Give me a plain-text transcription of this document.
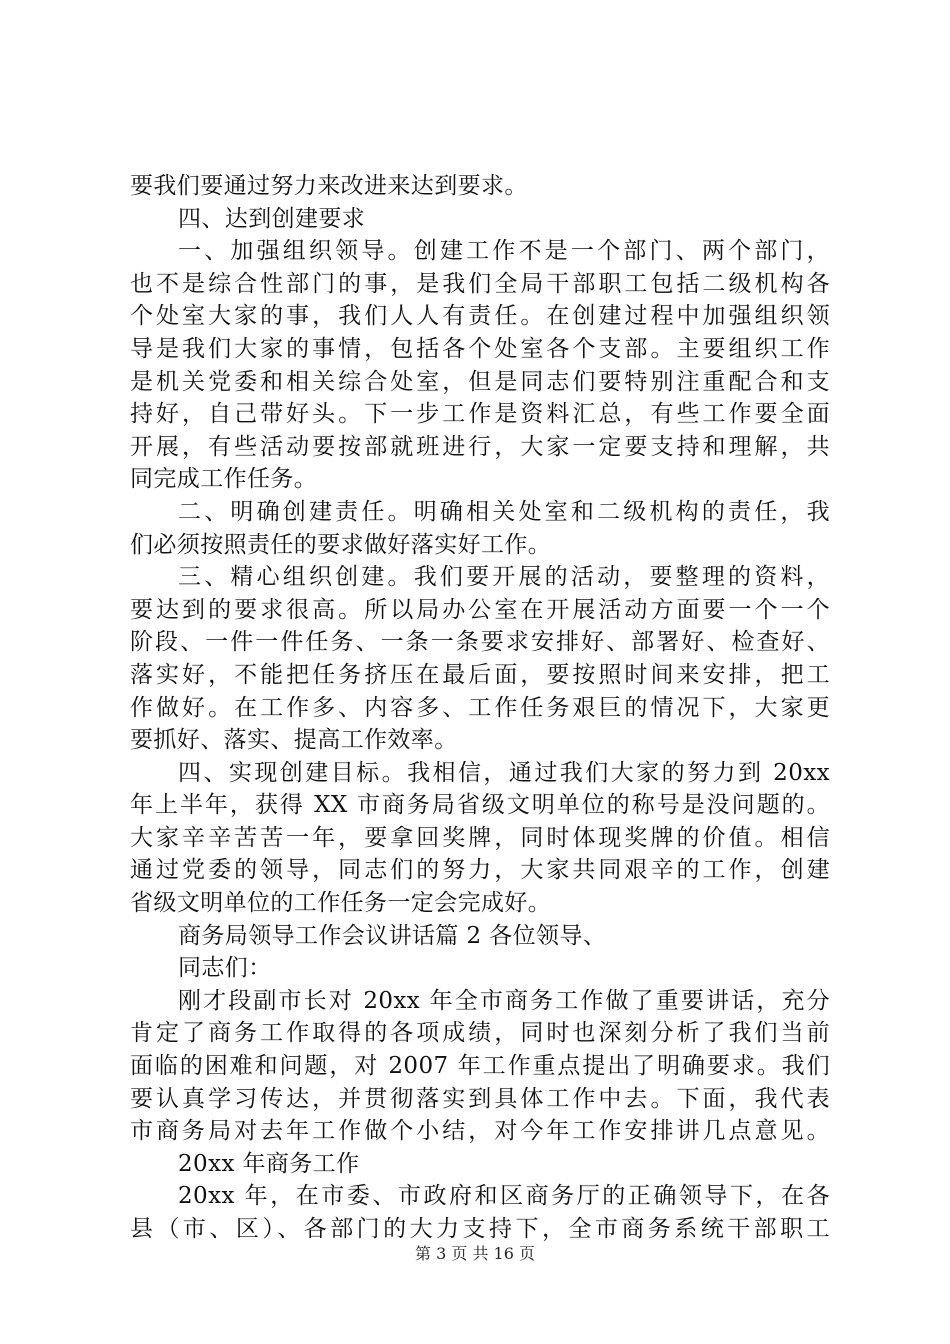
要我们要通过努力来改进来达到要求。
四、达到创建要求
一、加强组织领导。创建工作不是一个部门、两个部门，
也不是综合性部门的事，是我们全局干部职工包括二级机构各
个处室大家的事，我们人人有责任。在创建过程中加强组织领
导是我们大家的事情，包括各个处室各个支部。主要组织工作
是机关党委和相关综合处室，但是同志们要特别注重配合和支
持好，自己带好头。下一步工作是资料汇总，有些工作要全面
开展，有些活动要按部就班进行，大家一定要支持和理解，共
同完成工作任务。
二、明确创建责任。明确相关处室和二级机构的责任，我
们必须按照责任的要求做好落实好工作。
三、精心组织创建。我们要开展的活动，要整理的资料，
要达到的要求很高。所以局办公室在开展活动方面要一个一个
阶段、一件一件任务、一条一条要求安排好、部署好、检查好、
落实好，不能把任务挤压在最后面，要按照时间来安排，把工
作做好。在工作多、内容多、工作任务艰巨的情况下，大家更
要抓好、落实、提高工作效率。
四、实现创建目标。我相信，通过我们大家的努力到 20xx
年上半年，获得 XX 市商务局省级文明单位的称号是没问题的。
大家辛辛苦苦一年，要拿回奖牌，同时体现奖牌的价值。相信
通过党委的领导，同志们的努力，大家共同艰辛的工作，创建
省级文明单位的工作任务一定会完成好。
商务局领导工作会议讲话篇 2 各位领导、
同志们：
刚才段副市长对 20xx 年全市商务工作做了重要讲话，充分
肯定了商务工作取得的各项成绩，同时也深刻分析了我们当前
面临的困难和问题，对 2007 年工作重点提出了明确要求。我们
要认真学习传达，并贯彻落实到具体工作中去。下面，我代表
市商务局对去年工作做个小结，对今年工作安排讲几点意见。
20xx 年商务工作
20xx 年，在市委、市政府和区商务厅的正确领导下，在各
县（市、区）、各部门的大力支持下，全市商务系统干部职工
第 3 页 共 16 页
